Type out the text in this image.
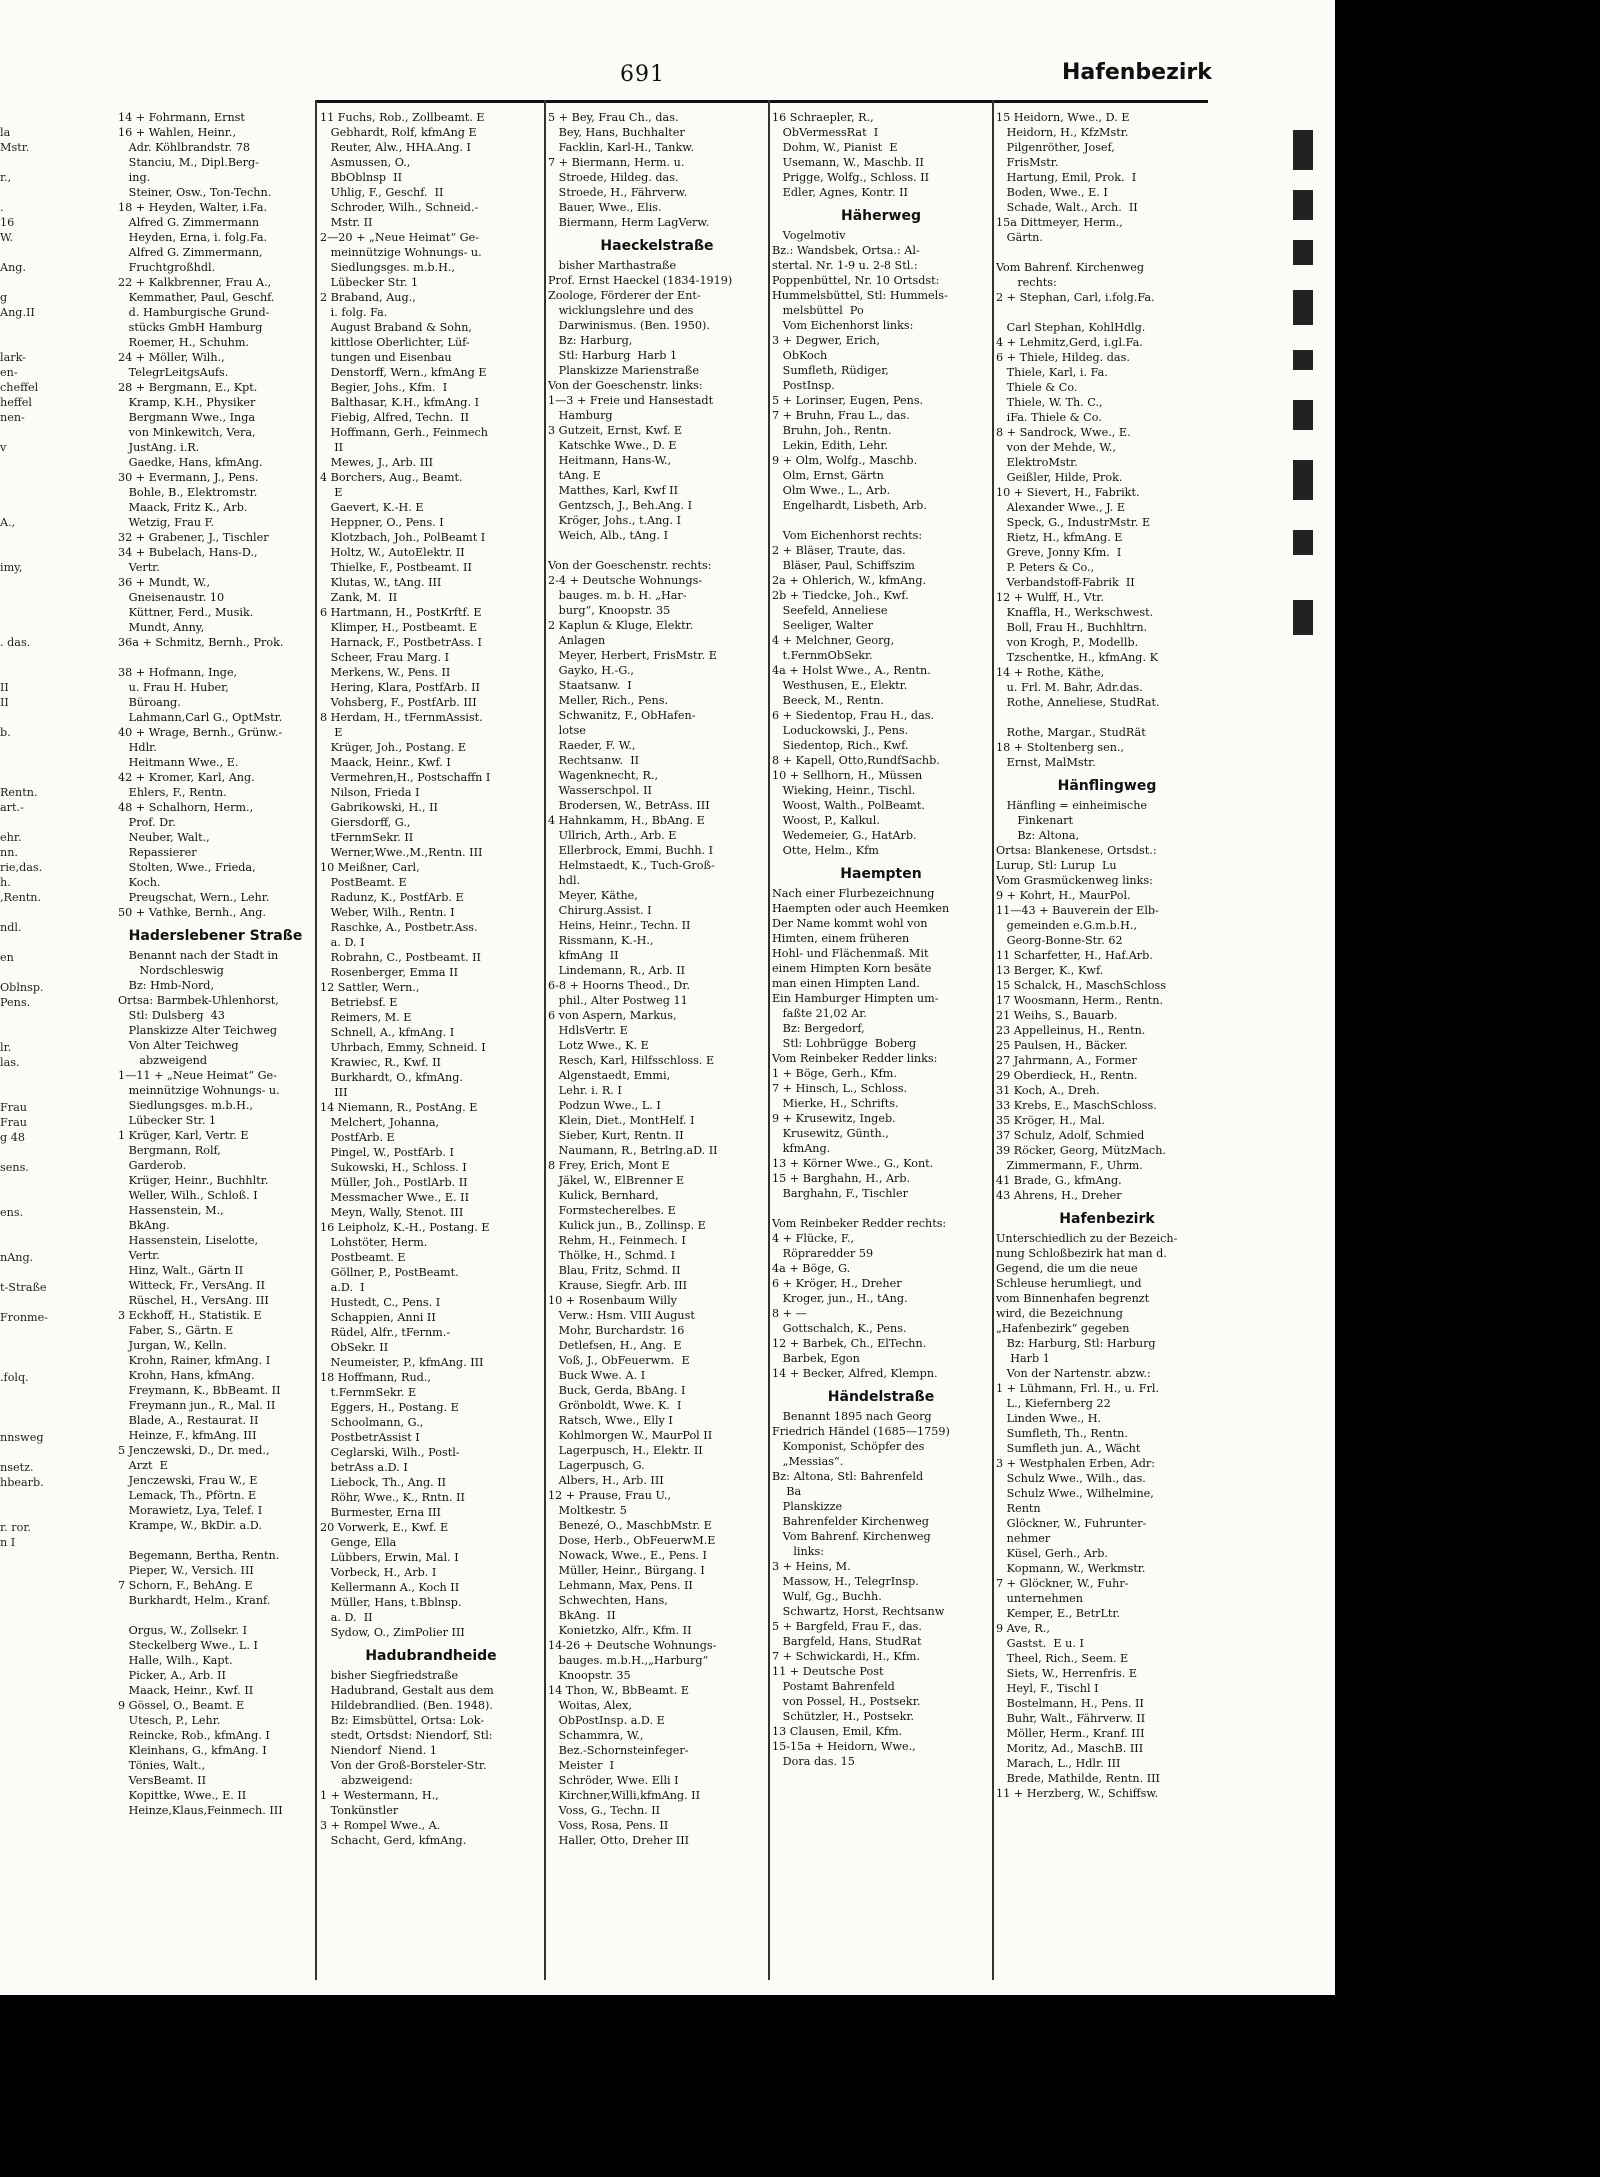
691	Hafenbezirk

la
Mstr.

r.,

.
16
W.

Ang.

g
Ang.II

lark-
en-
cheffel
heffel
nen-

v

A.,

imy,

. das.

II
II

b.

Rentn.
art.-

ehr.
nn.
rie,das.
h.
,Rentn.

ndl.

en

Oblnsp.
Pens.

lr.
las.

Frau
Frau
g 48

sens.

ens.

nAng.

t-Straße

Fronme-

.folq.

nnsweg

nsetz.
hbearb.

r. ror.
n I
14 + Fohrmann, Ernst
16 + Wahlen, Heinr.,
Adr. Köhlbrandstr. 78
Stanciu, M., Dipl.Berg-
ing.
Steiner, Osw., Ton-Techn.
18 + Heyden, Walter, i.Fa.
Alfred G. Zimmermann
Heyden, Erna, i. folg.Fa.
Alfred G. Zimmermann,
Fruchtgroßhdl.
22 + Kalkbrenner, Frau A.,
Kemmather, Paul, Geschf.
d. Hamburgische Grund-
stücks GmbH Hamburg
Roemer, H., Schuhm.
24 + Möller, Wilh.,
TelegrLeitgsAufs.
28 + Bergmann, E., Kpt.
Kramp, K.H., Physiker
Bergmann Wwe., Inga
von Minkewitch, Vera,
JustAng. i.R.
Gaedke, Hans, kfmAng.
30 + Evermann, J., Pens.
Bohle, B., Elektromstr.
Maack, Fritz K., Arb.
Wetzig, Frau F.
32 + Grabener, J., Tischler
34 + Bubelach, Hans-D.,
Vertr.
36 + Mundt, W.,
Gneisenaustr. 10
Küttner, Ferd., Musik.
Mundt, Anny,
36a + Schmitz, Bernh., Prok.

38 + Hofmann, Inge,
u. Frau H. Huber,
Büroang.
Lahmann,Carl G., OptMstr.
40 + Wrage, Bernh., Grünw.-
Hdlr.
Heitmann Wwe., E.
42 + Kromer, Karl, Ang.
Ehlers, F., Rentn.
48 + Schalhorn, Herm.,
Prof. Dr.
Neuber, Walt.,
Repassierer
Stolten, Wwe., Frieda,
Koch.
Preugschat, Wern., Lehr.
50 + Vathke, Bernh., Ang.
Hadersleben​er Straße
Benannt nach der Stadt in
Nordschleswig
Bz: Hmb-Nord,
Ortsa: Barmbek-Uhlenhorst,
Stl: Dulsberg  43
Planskizze Alter Teichweg
Von Alter Teichweg
abzweigend
1—11 + „Neue Heimat“ Ge-
meinnützige Wohnungs- u.
Siedlungsges. m.b.H.,
Lübecker Str. 1
1 Krüger, Karl, Vertr. E
Bergmann, Rolf,
Garderob.
Krüger, Heinr., Buchhltr.
Weller, Wilh., Schloß. I
Hassenstein, M.,
BkAng.
Hassenstein, Liselotte,
Vertr.
Hinz, Walt., Gärtn II
Witteck, Fr., VersAng. II
Rüschel, H., VersAng. III
3 Eckhoff, H., Statistik. E
Faber, S., Gärtn. E
Jurgan, W., Kelln.
Krohn, Rainer, kfmAng. I
Krohn, Hans, kfmAng.
Freymann, K., BbBeamt. II
Freymann jun., R., Mal. II
Blade, A., Restaurat. II
Heinze, F., kfmAng. III
5 Jenczewski, D., Dr. med.,
Arzt  E
Jenczewski, Frau W., E
Lemack, Th., Pförtn. E
Morawietz, Lya, Telef. I
Krampe, W., BkDir. a.D.

Begemann, Bertha, Rentn.
Pieper, W., Versich. III
7 Schorn, F., BehAng. E
Burkhardt, Helm., Kranf.

Orgus, W., Zollsekr. I
Steckelberg Wwe., L. I
Halle, Wilh., Kapt.
Picker, A., Arb. II
Maack, Heinr., Kwf. II
9 Gössel, O., Beamt. E
Utesch, P., Lehr.
Reincke, Rob., kfmAng. I
Kleinhans, G., kfmAng. I
Tönies, Walt.,
VersBeamt. II
Kopittke, Wwe., E. II
Heinze,Klaus,Feinmech. III
11 Fuchs, Rob., Zollbeamt. E
Gebhardt, Rolf, kfmAng E
Reuter, Alw., HHA.Ang. I
Asmussen, O.,
BbOblnsp  II
Uhlig, F., Geschf.  II
Schroder, Wilh., Schneid.-
Mstr. II
2—20 + „Neue Heimat“ Ge-
meinnützige Wohnungs- u.
Siedlungsges. m.b.H.,
Lübecker Str. 1
2 Braband, Aug.,
i. folg. Fa.
August Braband & Sohn,
kittlose Oberlichter, Lüf-
tungen und Eisenbau
Denstorff, Wern., kfmAng E
Begier, Johs., Kfm.  I
Balthasar, K.H., kfmAng. I
Fiebig, Alfred, Techn.  II
Hoffmann, Gerh., Feinmech
II
Mewes, J., Arb. III
4 Borchers, Aug., Beamt.
E
Gaevert, K.-H. E
Heppner, O., Pens. I
Klotzbach, Joh., PolBeamt I
Holtz, W., AutoElektr. II
Thielke, F., Postbeamt. II
Klutas, W., tAng. III
Zank, M.  II
6 Hartmann, H., PostKrftf. E
Klimper, H., Postbeamt. E
Harnack, F., PostbetrAss. I
Scheer, Frau Marg. I
Merkens, W., Pens. II
Hering, Klara, PostfArb. II
Vohsberg, F., PostfArb. III
8 Herdam, H., tFernmAssist.
E
Krüger, Joh., Postang. E
Maack, Heinr., Kwf. I
Vermehren,H., Postschaffn I
Nilson, Frieda I
Gabrikowski, H., II
Giersdorff, G.,
tFernmSekr. II
Werner,Wwe.,M.,Rentn. III
10 Meißner, Carl,
PostBeamt. E
Radunz, K., PostfArb. E
Weber, Wilh., Rentn. I
Raschke, A., Postbetr.Ass.
a. D. I
Robrahn, C., Postbeamt. II
Rosenberger, Emma II
12 Sattler, Wern.,
Betriebsf. E
Reimers, M. E
Schnell, A., kfmAng. I
Uhrbach, Emmy, Schneid. I
Krawiec, R., Kwf. II
Burkhardt, O., kfmAng.
III
14 Niemann, R., PostAng. E
Melchert, Johanna,
PostfArb. E
Pingel, W., PostfArb. I
Sukowski, H., Schloss. I
Müller, Joh., PostlArb. II
Messmacher Wwe., E. II
Meyn, Wally, Stenot. III
16 Leipholz, K.-H., Postang. E
Lohstöter, Herm.
Postbeamt. E
Göllner, P., PostBeamt.
a.D.  I
Hustedt, C., Pens. I
Schappien, Anni II
Rüdel, Alfr., tFernm.-
ObSekr. II
Neumeister, P., kfmAng. III
18 Hoffmann, Rud.,
t.FernmSekr. E
Eggers, H., Postang. E
Schoolmann, G.,
PostbetrAssist I
Ceglarski, Wilh., Postl-
betrAss a.D. I
Liebock, Th., Ang. II
Röhr, Wwe., K., Rntn. II
Burmester, Erna III
20 Vorwerk, E., Kwf. E
Genge, Ella
Lübbers, Erwin, Mal. I
Vorbeck, H., Arb. I
Kellermann A., Koch II
Müller, Hans, t.Bblnsp.
a. D.  II
Sydow, O., ZimPolier III
Hadubrandheide
bisher Siegfriedstraße
Hadubrand, Gestalt aus dem
Hildebrandlied. (Ben. 1948).
Bz: Eimsbüttel, Ortsa: Lok-
stedt, Ortsdst: Niendorf, Stl:
Niendorf  Niend. 1
Von der Groß-Borsteler-Str.
abzweigend:
1 + Westermann, H.,
Tonkünstler
3 + Rompel Wwe., A.
Schacht, Gerd, kfmAng.
5 + Bey, Frau Ch., das.
Bey, Hans, Buchhalter
Facklin, Karl-H., Tankw.
7 + Biermann, Herm. u.
Stroede, Hildeg. das.
Stroede, H., Fährverw.
Bauer, Wwe., Elis.
Biermann, Herm LagVerw.
Haeckelstraße
bisher Marthastraße
Prof. Ernst Haeckel (1834-1919)
Zoologe, Förderer der Ent-
wicklungslehre und des
Darwinismus. (Ben. 1950).
Bz: Harburg,
Stl: Harburg  Harb 1
Planskizze Marienstraße
Von der Goeschenstr. links:
1—3 + Freie und Hansestadt
Hamburg
3 Gutzeit, Ernst, Kwf. E
Katschke Wwe., D. E
Heitmann, Hans-W.,
tAng. E
Matthes, Karl, Kwf II
Gentzsch, J., Beh.Ang. I
Kröger, Johs., t.Ang. I
Weich, Alb., tAng. I

Von der Goeschenstr. rechts:
2-4 + Deutsche Wohnungs-
bauges. m. b. H. „Har-
burg“, Knoopstr. 35
2 Kaplun & Kluge, Elektr.
Anlagen
Meyer, Herbert, FrisMstr. E
Gayko, H.-G.,
Staatsanw.  I
Meller, Rich., Pens.
Schwanitz, F., ObHafen-
lotse
Raeder, F. W.,
Rechtsanw.  II
Wagenknecht, R.,
Wasserschpol. II
Brodersen, W., BetrAss. III
4 Hahnkamm, H., BbAng. E
Ullrich, Arth., Arb. E
Ellerbrock, Emmi, Buchh. I
Helmstaedt, K., Tuch-Groß-
hdl.
Meyer, Käthe,
Chirurg.Assist. I
Heins, Heinr., Techn. II
Rissmann, K.-H.,
kfmAng  II
Lindemann, R., Arb. II
6-8 + Hoorns Theod., Dr.
phil., Alter Postweg 11
6 von Aspern, Markus,
HdlsVertr. E
Lotz Wwe., K. E
Resch, Karl, Hilfsschloss. E
Algenstaedt, Emmi,
Lehr. i. R. I
Podzun Wwe., L. I
Klein, Diet., MontHelf. I
Sieber, Kurt, Rentn. II
Naumann, R., Betrlng.aD. II
8 Frey, Erich, Mont E
Jäkel, W., ElBrenner E
Kulick, Bernhard,
Formstecherelbes. E
Kulick jun., B., Zollinsp. E
Rehm, H., Feinmech. I
Thölke, H., Schmd. I
Blau, Fritz, Schmd. II
Krause, Siegfr. Arb. III
10 + Rosenbaum Willy
Verw.: Hsm. VIII August
Mohr, Burchardstr. 16
Detlefsen, H., Ang.  E
Voß, J., ObFeuerwm.  E
Buck Wwe. A. I
Buck, Gerda, BbAng. I
Grönboldt, Wwe. K.  I
Ratsch, Wwe., Elly I
Kohlmorgen W., MaurPol II
Lagerpusch, H., Elektr. II
Lagerpusch, G.
Albers, H., Arb. III
12 + Prause, Frau U.,
Moltkestr. 5
Benezé, O., MaschbMstr. E
Dose, Herb., ObFeuerwM.E
Nowack, Wwe., E., Pens. I
Müller, Heinr., Bürgang. I
Lehmann, Max, Pens. II
Schwechten, Hans,
BkAng.  II
Konietzko, Alfr., Kfm. II
14-26 + Deutsche Wohnungs-
bauges. m.b.H.,„Harburg“
Knoopstr. 35
14 Thon, W., BbBeamt. E
Woitas, Alex,
ObPostInsp. a.D. E
Schammra, W.,
Bez.-Schornsteinfeger-
Meister  I
Schröder, Wwe. Elli I
Kirchner,Willi,kfmAng. II
Voss, G., Techn. II
Voss, Rosa, Pens. II
Haller, Otto, Dreher III
16 Schraepler, R.,
ObVermessRat  I
Dohm, W., Pianist  E
Usemann, W., Maschb. II
Prigge, Wolfg., Schloss. II
Edler, Agnes, Kontr. II
Häherweg
Vogelmotiv
Bz.: Wandsbek, Ortsa.: Al-
stertal. Nr. 1-9 u. 2-8 Stl.:
Poppenbüttel, Nr. 10 Ortsdst:
Hummelsbüttel, Stl: Hummels-
melsbüttel  Po
Vom Eichenhorst links:
3 + Degwer, Erich,
ObKoch
Sumfleth, Rüdiger,
PostInsp.
5 + Lorinser, Eugen, Pens.
7 + Bruhn, Frau L., das.
Bruhn, Joh., Rentn.
Lekin, Edith, Lehr.
9 + Olm, Wolfg., Maschb.
Olm, Ernst, Gärtn
Olm Wwe., L., Arb.
Engelhardt, Lisbeth, Arb.

Vom Eichenhorst rechts:
2 + Bläser, Traute, das.
Bläser, Paul, Schiffszim
2a + Ohlerich, W., kfmAng.
2b + Tiedcke, Joh., Kwf.
Seefeld, Anneliese
Seeliger, Walter
4 + Melchner, Georg,
t.FernmObSekr.
4a + Holst Wwe., A., Rentn.
Westhusen, E., Elektr.
Beeck, M., Rentn.
6 + Siedentop, Frau H., das.
Loduckowski, J., Pens.
Siedentop, Rich., Kwf.
8 + Kapell, Otto,RundfSachb.
10 + Sellhorn, H., Müssen
Wieking, Heinr., Tischl.
Woost, Walth., PolBeamt.
Woost, P., Kalkul.
Wedemeier, G., HatArb.
Otte, Helm., Kfm
Haempten
Nach einer Flurbezeichnung
Haempten oder auch Heemken
Der Name kommt wohl von
Himten, einem früheren
Hohl- und Flächenmaß. Mit
einem Himpten Korn besäte
man einen Himpten Land.
Ein Hamburger Himpten um-
faßte 21,02 Ar.
Bz: Bergedorf,
Stl: Lohbrügge  Boberg
Vom Reinbeker Redder links:
1 + Böge, Gerh., Kfm.
7 + Hinsch, L., Schloss.
Mierke, H., Schrifts.
9 + Krusewitz, Ingeb.
Krusewitz, Günth.,
kfmAng.
13 + Körner Wwe., G., Kont.
15 + Barghahn, H., Arb.
Barghahn, F., Tischler

Vom Reinbeker Redder rechts:
4 + Flücke, F.,
Röpraredder 59
4a + Böge, G.
6 + Kröger, H., Dreher
Kroger, jun., H., tAng.
8 + —
Gottschalch, K., Pens.
12 + Barbek, Ch., ElTechn.
Barbek, Egon
14 + Becker, Alfred, Klempn.
Händelstraße
Benannt 1895 nach Georg
Friedrich Händel (1685—1759)
Komponist, Schöpfer des
„Messias“.
Bz: Altona, Stl: Bahrenfeld
Ba
Planskizze
Bahrenfelder Kirchenweg
Vom Bahrenf. Kirchenweg
links:
3 + Heins, M.
Massow, H., TelegrInsp.
Wulf, Gg., Buchh.
Schwartz, Horst, Rechtsanw
5 + Bargfeld, Frau F., das.
Bargfeld, Hans, StudRat
7 + Schwickardi, H., Kfm.
11 + Deutsche Post
Postamt Bahrenfeld
von Possel, H., Postsekr.
Schützler, H., Postsekr.
13 Clausen, Emil, Kfm.
15-15a + Heidorn, Wwe.,
Dora das. 15
15 Heidorn, Wwe., D. E
Heidorn, H., KfzMstr.
Pilgenröther, Josef,
FrisMstr.
Hartung, Emil, Prok.  I
Boden, Wwe., E. I
Schade, Walt., Arch.  II
15a Dittmeyer, Herm.,
Gärtn.

Vom Bahrenf. Kirchenweg
rechts:
2 + Stephan, Carl, i.folg.Fa.

Carl Stephan, KohlHdlg.
4 + Lehmitz,Gerd, i.gl.Fa.
6 + Thiele, Hildeg. das.
Thiele, Karl, i. Fa.
Thiele & Co.
Thiele, W. Th. C.,
iFa. Thiele & Co.
8 + Sandrock, Wwe., E.
von der Mehde, W.,
ElektroMstr.
Geißler, Hilde, Prok.
10 + Sievert, H., Fabrikt.
Alexander Wwe., J. E
Speck, G., IndustrMstr. E
Rietz, H., kfmAng. E
Greve, Jonny Kfm.  I
P. Peters & Co.,
Verbandstoff-Fabrik  II
12 + Wulff, H., Vtr.
Knaffla, H., Werkschwest.
Boll, Frau H., Buchhltrn.
von Krogh, P., Modellb.
Tzschentke, H., kfmAng. K
14 + Rothe, Käthe,
u. Frl. M. Bahr, Adr.das.
Rothe, Anneliese, StudRat.

Rothe, Margar., StudRät
18 + Stoltenberg sen.,
Ernst, MalMstr.
Hänflingweg
Hänfling = einheimische
Finkenart
Bz: Altona,
Ortsa: Blankenese, Ortsdst.:
Lurup, Stl: Lurup  Lu
Vom Grasmückenweg links:
9 + Kohrt, H., MaurPol.
11—43 + Bauverein der Elb-
gemeinden e.G.m.b.H.,
Georg-Bonne-Str. 62
11 Scharfetter, H., Haf.Arb.
13 Berger, K., Kwf.
15 Schalck, H., MaschSchloss
17 Woosmann, Herm., Rentn.
21 Weihs, S., Bauarb.
23 Appelleinus, H., Rentn.
25 Paulsen, H., Bäcker.
27 Jahrmann, A., Former
29 Oberdieck, H., Rentn.
31 Koch, A., Dreh.
33 Krebs, E., MaschSchloss.
35 Kröger, H., Mal.
37 Schulz, Adolf, Schmied
39 Röcker, Georg, MützMach.
Zimmermann, F., Uhrm.
41 Brade, G., kfmAng.
43 Ahrens, H., Dreher
Hafenbezirk
Unterschiedlich zu der Bezeich-
nung Schloßbezirk hat man d.
Gegend, die um die neue
Schleuse herumliegt, und
vom Binnenhafen begrenzt
wird, die Bezeichnung
„Hafenbezirk“ gegeben
Bz: Harburg, Stl: Harburg
Harb 1
Von der Nartenstr. abzw.:
1 + Lühmann, Frl. H., u. Frl.
L., Kiefernberg 22
Linden Wwe., H.
Sumfleth, Th., Rentn.
Sumfleth jun. A., Wächt
3 + Westphalen Erben, Adr:
Schulz Wwe., Wilh., das.
Schulz Wwe., Wilhelmine,
Rentn
Glöckner, W., Fuhrunter-
nehmer
Küsel, Gerh., Arb.
Kopmann, W., Werkmstr.
7 + Glöckner, W., Fuhr-
unternehmen
Kemper, E., BetrLtr.
9 Ave, R.,
Gastst.  E u. I
Theel, Rich., Seem. E
Siets, W., Herrenfris. E
Heyl, F., Tischl I
Bostelmann, H., Pens. II
Buhr, Walt., Fährverw. II
Möller, Herm., Kranf. III
Moritz, Ad., MaschB. III
Marach, L., Hdlr. III
Brede, Mathilde, Rentn. III
11 + Herzberg, W., Schiffsw.
